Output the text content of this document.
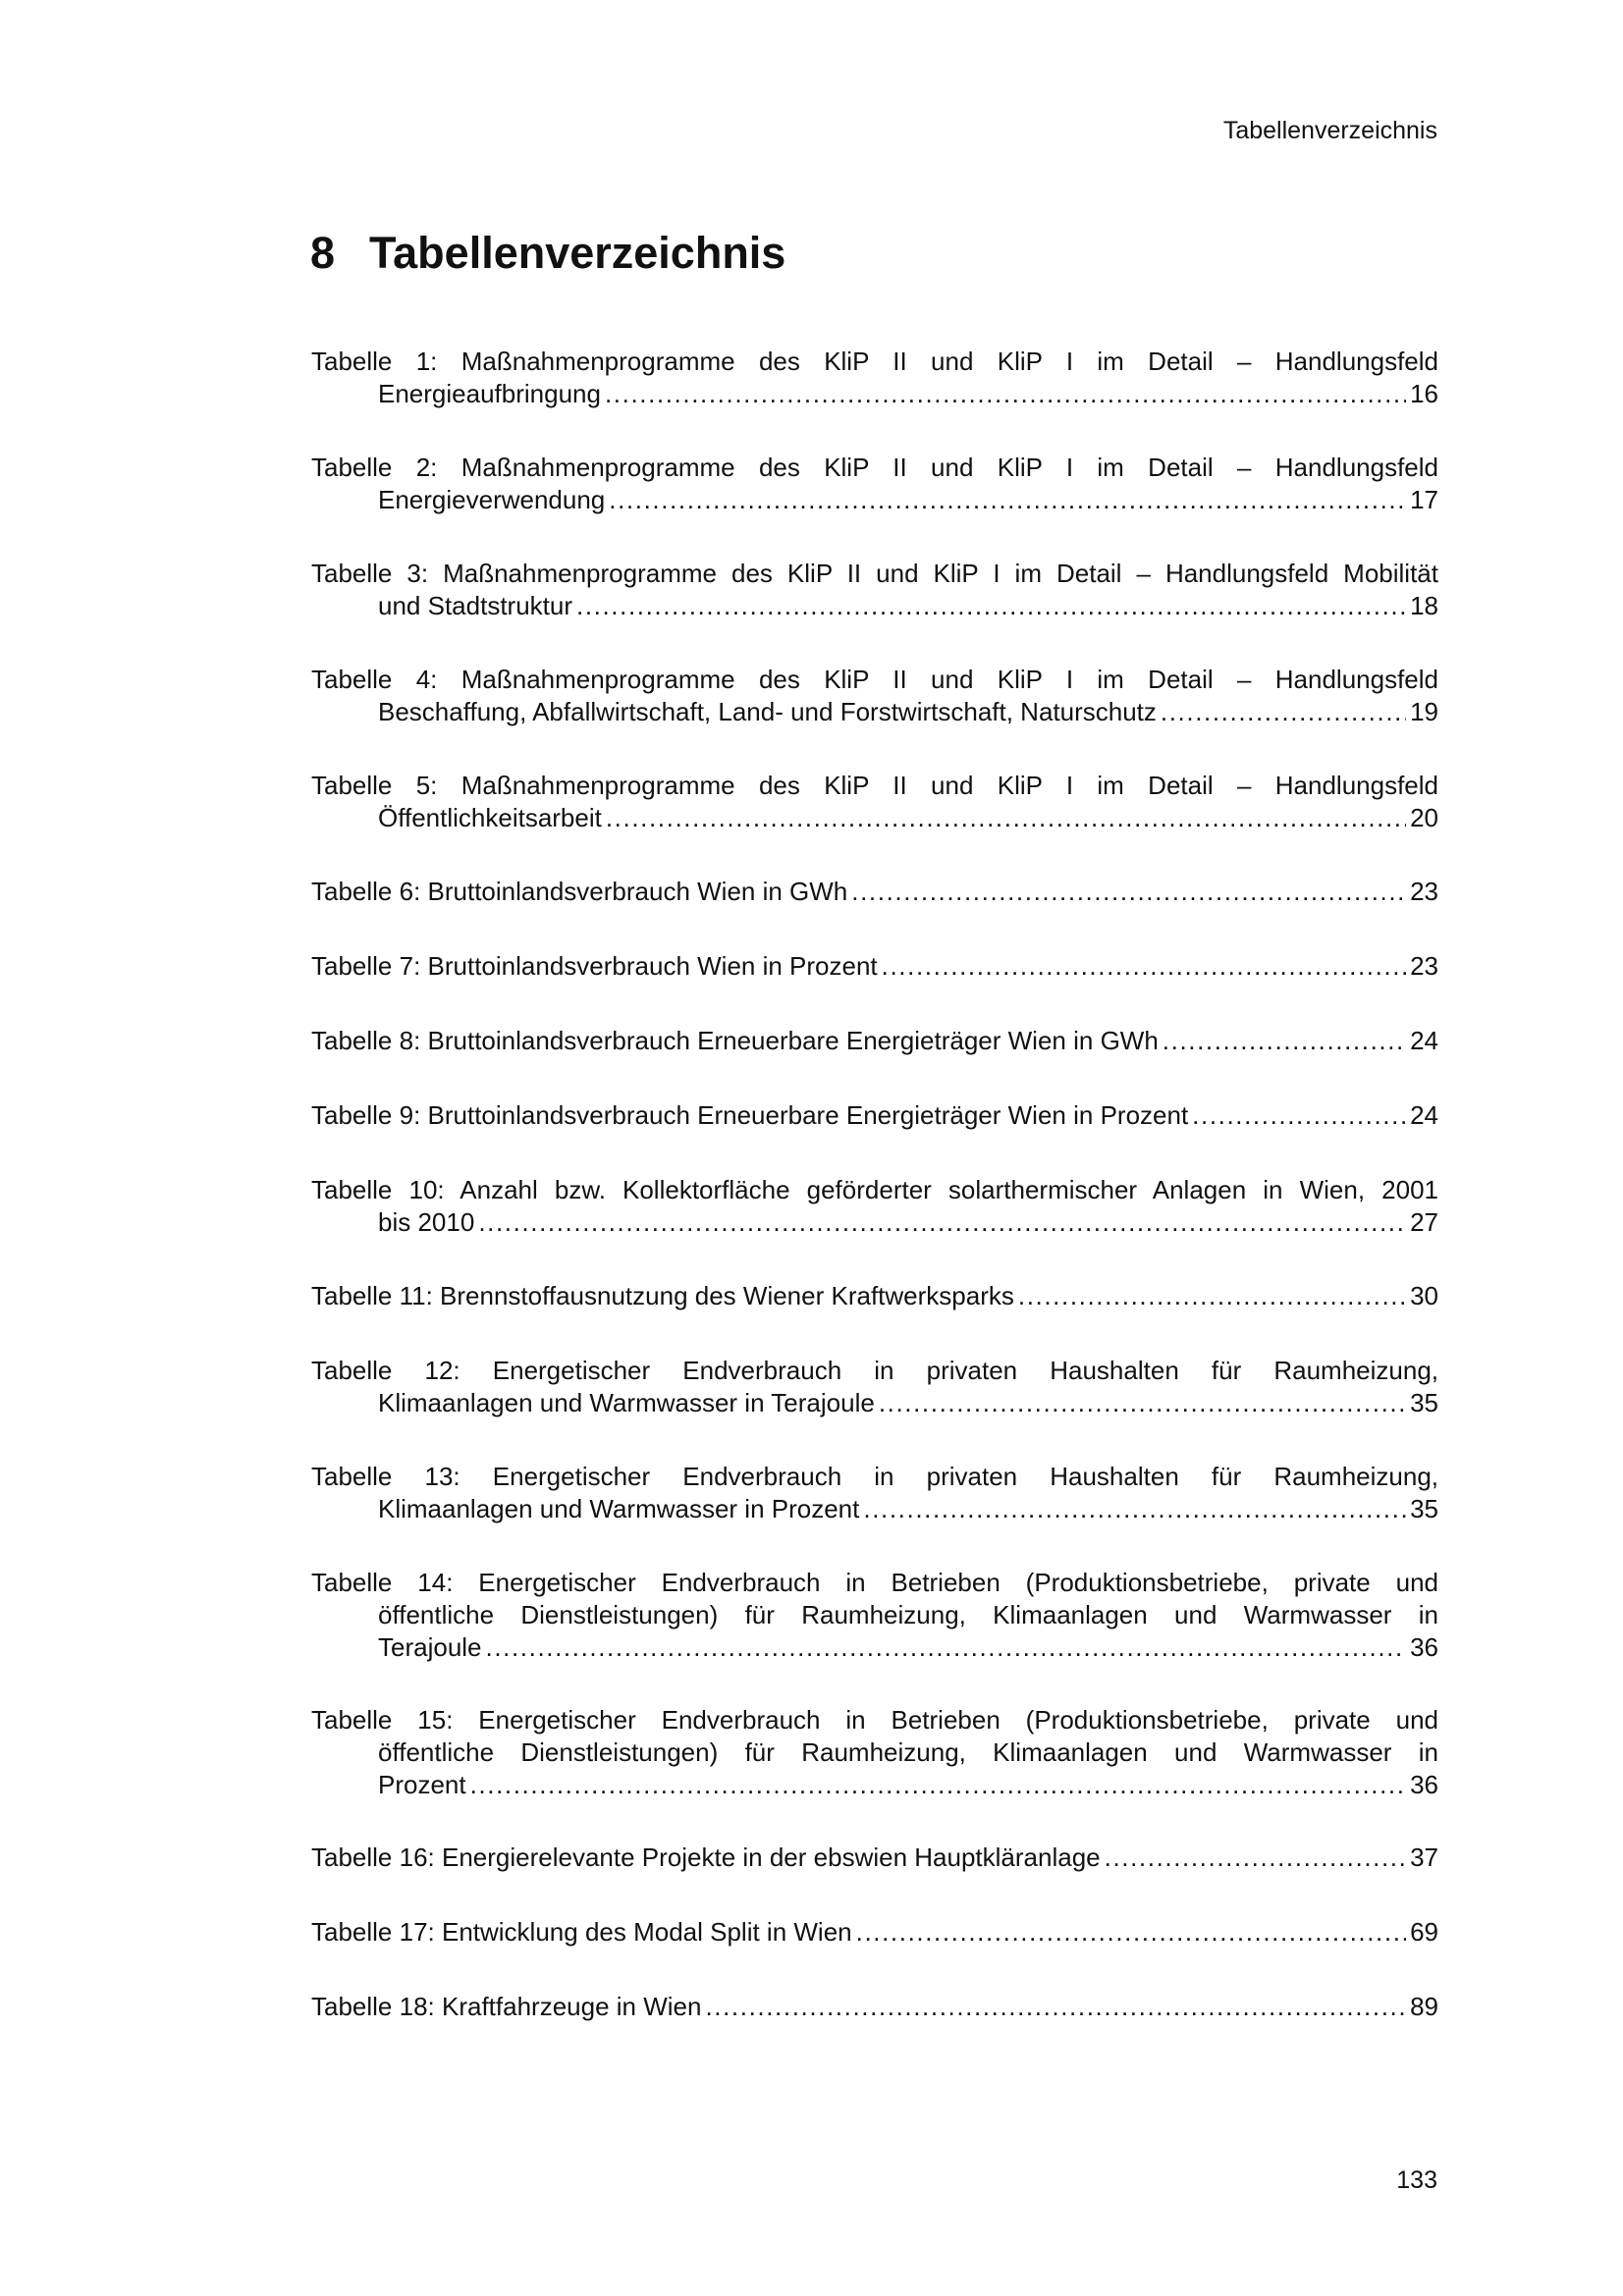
Tabellenverzeichnis
8 Tabellenverzeichnis
Tabelle 1: Maßnahmenprogramme des KliP II und KliP I im Detail – Handlungsfeld
Energieaufbringung .....	16
Tabelle 2: Maßnahmenprogramme des KliP II und KliP I im Detail – Handlungsfeld
Energieverwendung .....	17
Tabelle 3: Maßnahmenprogramme des KliP II und KliP I im Detail – Handlungsfeld Mobilität
und Stadtstruktur .....	18
Tabelle 4: Maßnahmenprogramme des KliP II und KliP I im Detail – Handlungsfeld
Beschaffung, Abfallwirtschaft, Land- und Forstwirtschaft, Naturschutz .....	19
Tabelle 5: Maßnahmenprogramme des KliP II und KliP I im Detail – Handlungsfeld
Öffentlichkeitsarbeit .....	20
Tabelle 6: Bruttoinlandsverbrauch Wien in GWh .....	23
Tabelle 7: Bruttoinlandsverbrauch Wien in Prozent .....	23
Tabelle 8: Bruttoinlandsverbrauch Erneuerbare Energieträger Wien in GWh .....	24
Tabelle 9: Bruttoinlandsverbrauch Erneuerbare Energieträger Wien in Prozent .....	24
Tabelle 10: Anzahl bzw. Kollektorfläche geförderter solarthermischer Anlagen in Wien, 2001
bis 2010 .....	27
Tabelle 11: Brennstoffausnutzung des Wiener Kraftwerksparks .....	30
Tabelle 12: Energetischer Endverbrauch in privaten Haushalten für Raumheizung,
Klimaanlagen und Warmwasser in Terajoule .....	35
Tabelle 13: Energetischer Endverbrauch in privaten Haushalten für Raumheizung,
Klimaanlagen und Warmwasser in Prozent .....	35
Tabelle 14: Energetischer Endverbrauch in Betrieben (Produktionsbetriebe, private und
öffentliche Dienstleistungen) für Raumheizung, Klimaanlagen und Warmwasser in
Terajoule .....	36
Tabelle 15: Energetischer Endverbrauch in Betrieben (Produktionsbetriebe, private und
öffentliche Dienstleistungen) für Raumheizung, Klimaanlagen und Warmwasser in
Prozent .....	36
Tabelle 16: Energierelevante Projekte in der ebswien Hauptkläranlage .....	37
Tabelle 17: Entwicklung des Modal Split in Wien .....	69
Tabelle 18: Kraftfahrzeuge in Wien .....	89
133
